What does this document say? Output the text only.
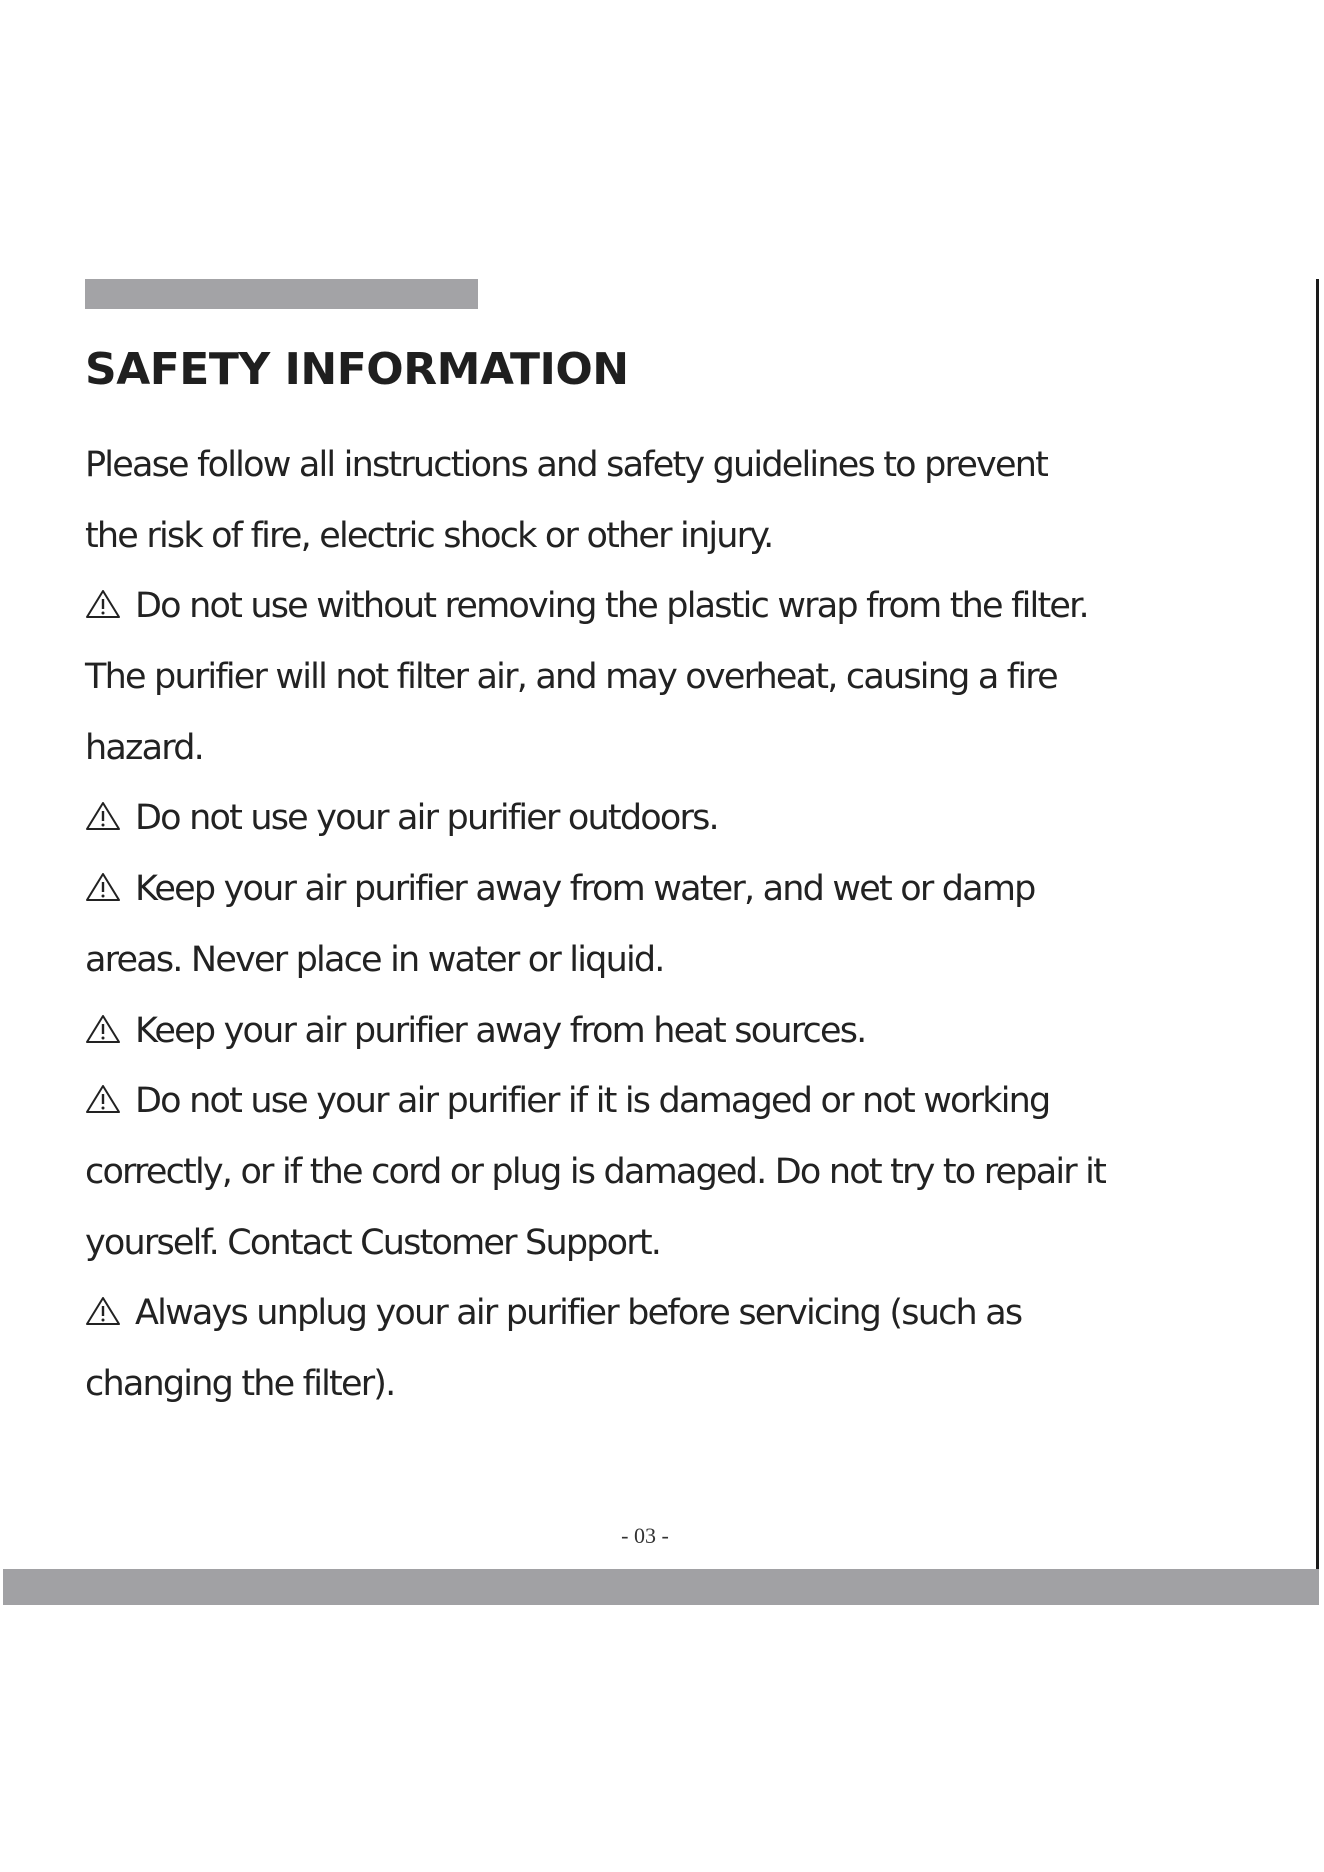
SAFETY INFORMATION
Please follow all instructions and safety guidelines to prevent
the risk of fire, electric shock or other injury.
Do not use without removing the plastic wrap from the filter.
The purifier will not filter air, and may overheat, causing a fire
hazard.
Do not use your air purifier outdoors.
Keep your air purifier away from water, and wet or damp
areas. Never place in water or liquid.
Keep your air purifier away from heat sources.
Do not use your air purifier if it is damaged or not working
correctly, or if the cord or plug is damaged. Do not try to repair it
yourself. Contact Customer Support.
Always unplug your air purifier before servicing (such as
changing the filter).
- 03 -
